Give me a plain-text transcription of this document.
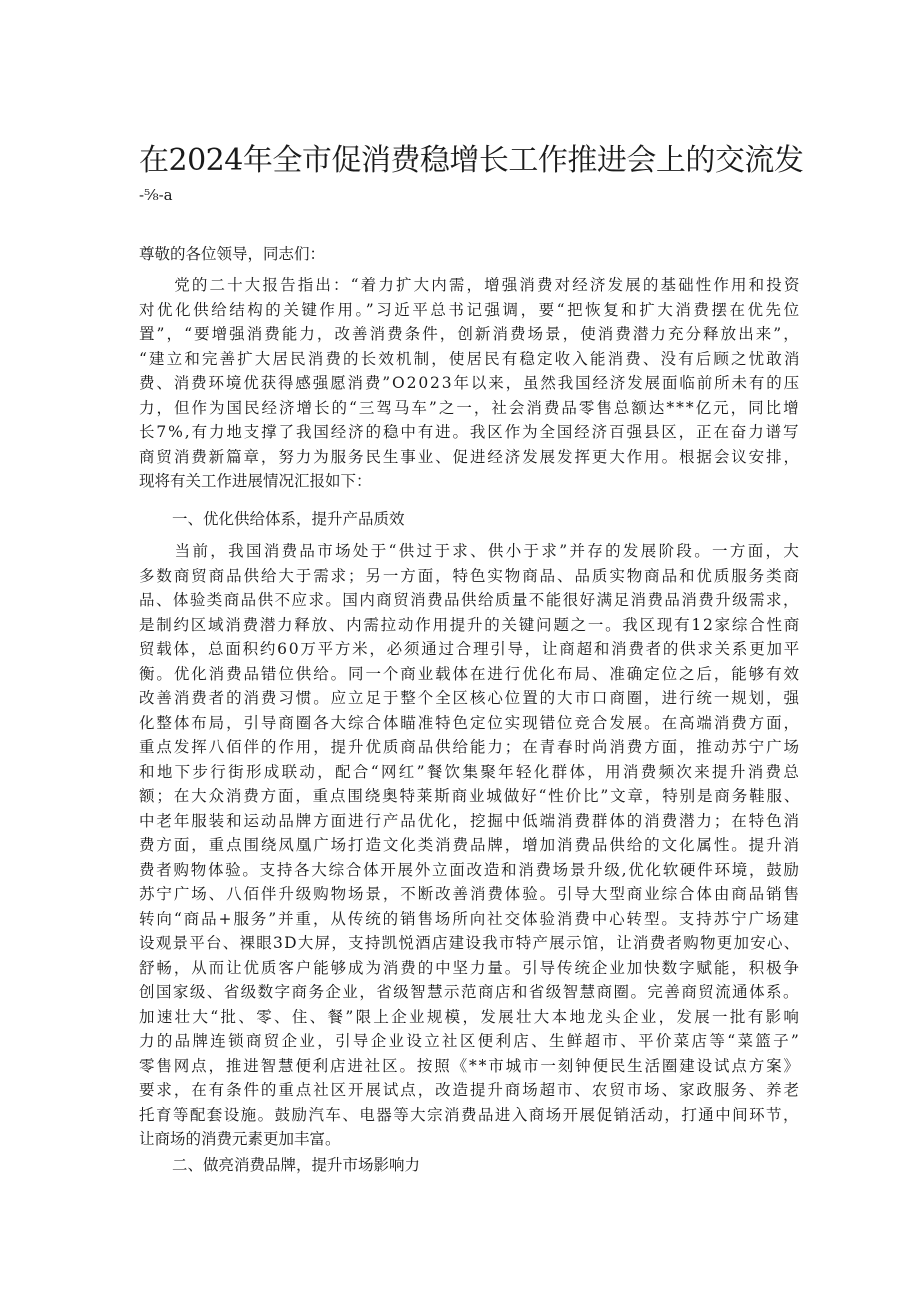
在2024年全市促消费稳增长工作推进会上的交流发
-⅝-a
尊敬的各位领导，同志们：
　　党的二十大报告指出：“着力扩大内需，增强消费对经济发展的基础性作用和投资
对优化供给结构的关键作用。”习近平总书记强调，要“把恢复和扩大消费摆在优先位
置”，“要增强消费能力，改善消费条件，创新消费场景，使消费潜力充分释放出来”，
“建立和完善扩大居民消费的长效机制，使居民有稳定收入能消费、没有后顾之忧敢消
费、消费环境优获得感强愿消费”O2023年以来，虽然我国经济发展面临前所未有的压
力，但作为国民经济增长的“三驾马车”之一，社会消费品零售总额达***亿元，同比增
长7%,有力地支撑了我国经济的稳中有进。我区作为全国经济百强县区，正在奋力谱写
商贸消费新篇章，努力为服务民生事业、促进经济发展发挥更大作用。根据会议安排，
现将有关工作进展情况汇报如下：
一、优化供给体系，提升产品质效
　　当前，我国消费品市场处于“供过于求、供小于求”并存的发展阶段。一方面，大
多数商贸商品供给大于需求；另一方面，特色实物商品、品质实物商品和优质服务类商
品、体验类商品供不应求。国内商贸消费品供给质量不能很好满足消费品消费升级需求，
是制约区域消费潜力释放、内需拉动作用提升的关键问题之一。我区现有12家综合性商
贸载体，总面积约60万平方米，必须通过合理引导，让商超和消费者的供求关系更加平
衡。优化消费品错位供给。同一个商业载体在进行优化布局、准确定位之后，能够有效
改善消费者的消费习惯。应立足于整个全区核心位置的大市口商圈，进行统一规划，强
化整体布局，引导商圈各大综合体瞄准特色定位实现错位竞合发展。在高端消费方面，
重点发挥八佰伴的作用，提升优质商品供给能力；在青春时尚消费方面，推动苏宁广场
和地下步行街形成联动，配合“网红”餐饮集聚年轻化群体，用消费频次来提升消费总
额；在大众消费方面，重点围绕奥特莱斯商业城做好“性价比”文章，特别是商务鞋服、
中老年服装和运动品牌方面进行产品优化，挖掘中低端消费群体的消费潜力；在特色消
费方面，重点围绕凤凰广场打造文化类消费品牌，增加消费品供给的文化属性。提升消
费者购物体验。支持各大综合体开展外立面改造和消费场景升级,优化软硬件环境，鼓励
苏宁广场、八佰伴升级购物场景，不断改善消费体验。引导大型商业综合体由商品销售
转向“商品+服务”并重，从传统的销售场所向社交体验消费中心转型。支持苏宁广场建
设观景平台、裸眼3D大屏，支持凯悦酒店建设我市特产展示馆，让消费者购物更加安心、
舒畅，从而让优质客户能够成为消费的中坚力量。引导传统企业加快数字赋能，积极争
创国家级、省级数字商务企业，省级智慧示范商店和省级智慧商圈。完善商贸流通体系。
加速壮大“批、零、住、餐”限上企业规模，发展壮大本地龙头企业，发展一批有影响
力的品牌连锁商贸企业，引导企业设立社区便利店、生鲜超市、平价菜店等“菜篮子”
零售网点，推进智慧便利店进社区。按照《**市城市一刻钟便民生活圈建设试点方案》
要求，在有条件的重点社区开展试点，改造提升商场超市、农贸市场、家政服务、养老
托育等配套设施。鼓励汽车、电器等大宗消费品进入商场开展促销活动，打通中间环节，
让商场的消费元素更加丰富。
二、做亮消费品牌，提升市场影响力
